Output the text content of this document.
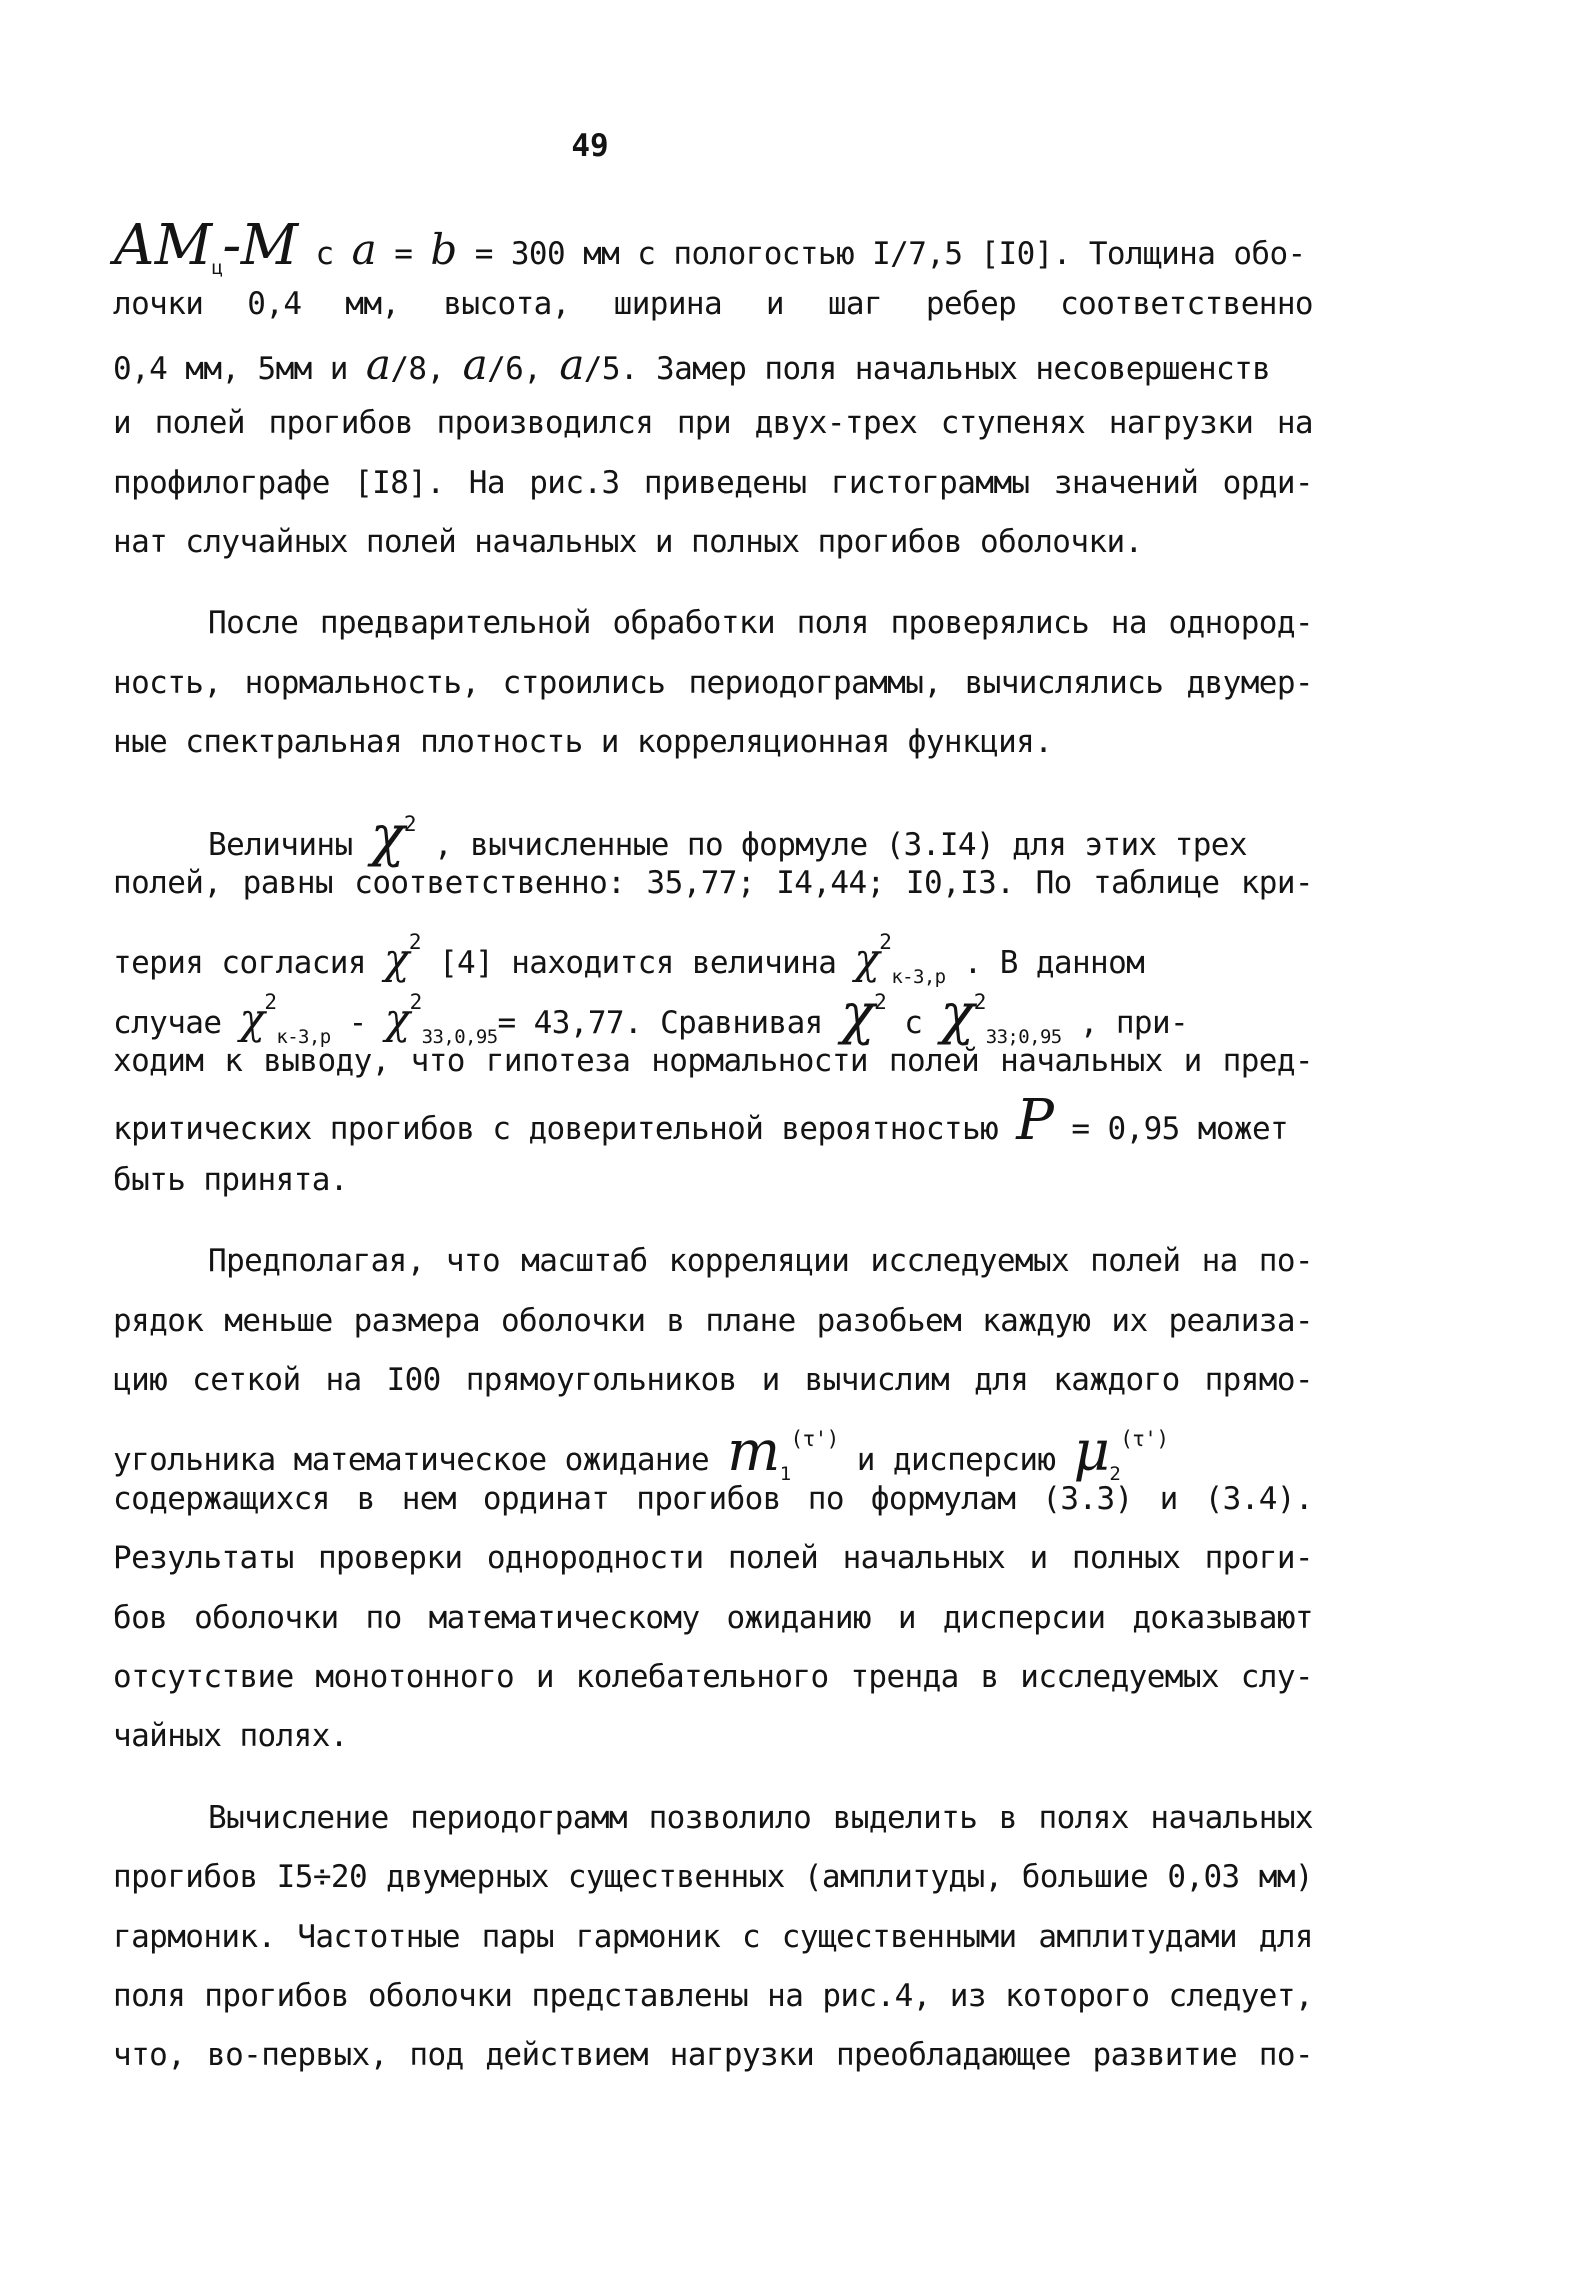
49
$АМ_ц-М$ с a = b = 300 мм с пологостью I/7,5 [I0]. Толщина обо-
лочки 0,4 мм, высота, ширина и шаг ребер соответственно
0,4 мм, 5мм и a/8, a/6, a/5. Замер поля начальных несовершенств
и полей прогибов производился при двух-трех ступенях нагрузки на
профилографе [I8]. На рис.3 приведены гистограммы значений орди-
нат случайных полей начальных и полных прогибов оболочки.
После предварительной обработки поля проверялись на однород-
ность, нормальность, строились периодограммы, вычислялись двумер-
ные спектральная плотность и корреляционная функция.
Величины $\chi^2$ , вычисленные по формуле (3.I4) для этих трех
полей, равны соответственно: 35,77; I4,44; I0,I3. По таблице кри-
терия согласия $\chi^2$ [4] находится величина $\chi^2_{к-3,р}$ . В данном
случае $\chi^2_{к-3,р} - \chi^2_{33,0,95}= 43,77$. Сравнивая $\chi^2$ с $\chi^2_{33;0,95}$ , при-
ходим к выводу, что гипотеза нормальности полей начальных и пред-
критических прогибов с доверительной вероятностью P = 0,95 может
быть принята.
Предполагая, что масштаб корреляции исследуемых полей на по-
рядок меньше размера оболочки в плане разобьем каждую их реализа-
цию сеткой на I00 прямоугольников и вычислим для каждого прямо-
угольника математическое ожидание $m_1^{(\tau')}$ и дисперсию $\mu_2^{(\tau')}$
содержащихся в нем ординат прогибов по формулам (3.3) и (3.4).
Результаты проверки однородности полей начальных и полных проги-
бов оболочки по математическому ожиданию и дисперсии доказывают
отсутствие монотонного и колебательного тренда в исследуемых слу-
чайных полях.
Вычисление периодограмм позволило выделить в полях начальных
прогибов I5÷20 двумерных существенных (амплитуды, большие 0,03 мм)
гармоник. Частотные пары гармоник с существенными амплитудами для
поля прогибов оболочки представлены на рис.4, из которого следует,
что, во-первых, под действием нагрузки преобладающее развитие по-
